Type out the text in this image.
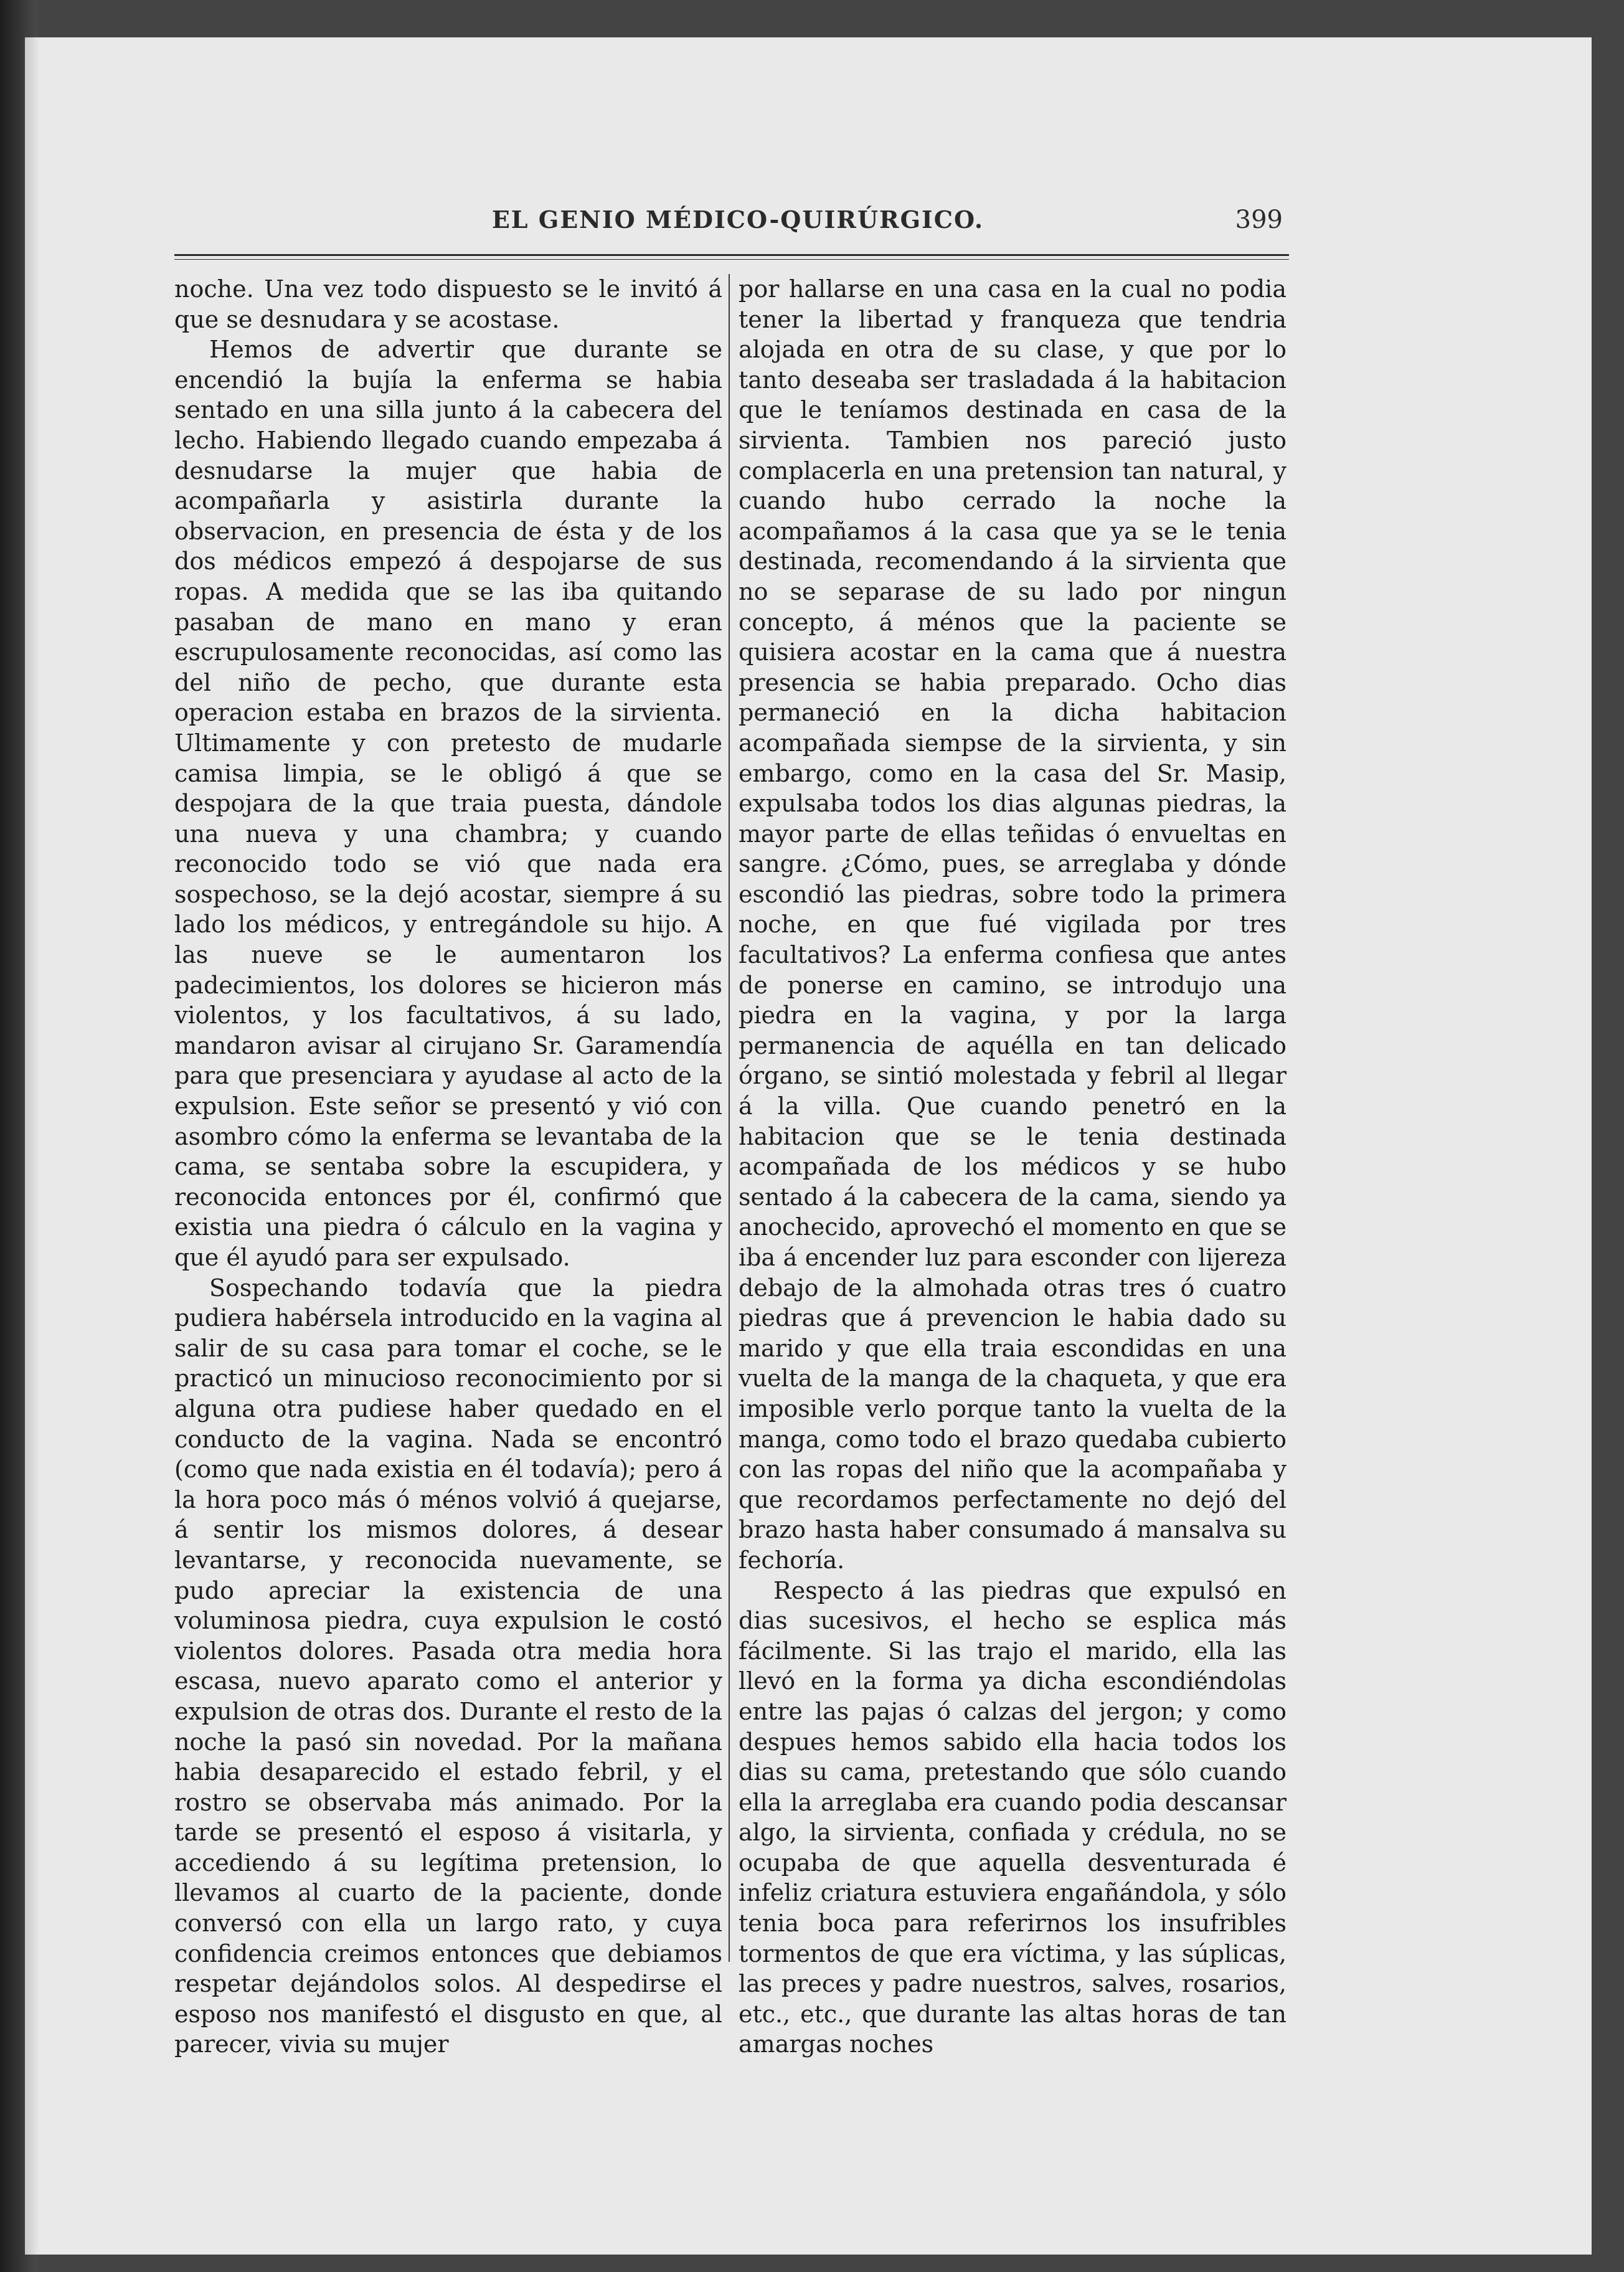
EL GENIO MÉDICO-QUIRÚRGICO.	399

noche. Una vez todo dispuesto se le invitó á que se desnudara y se acostase.

Hemos de advertir que durante se encendió la bujía la enferma se habia sentado en una silla junto á la cabecera del lecho. Habiendo llegado cuando empezaba á desnudarse la mujer que habia de acompañarla y asistirla durante la observacion, en presencia de ésta y de los dos médicos empezó á despojarse de sus ropas. A medida que se las iba quitando pasaban de mano en mano y eran escrupulosamente reconocidas, así como las del niño de pecho, que durante esta operacion estaba en brazos de la sirvienta. Ultimamente y con pretesto de mudarle camisa limpia, se le obligó á que se despojara de la que traia puesta, dándole una nueva y una chambra; y cuando reconocido todo se vió que nada era sospechoso, se la dejó acostar, siempre á su lado los médicos, y entregándole su hijo. A las nueve se le aumentaron los padecimientos, los dolores se hicieron más violentos, y los facultativos, á su lado, mandaron avisar al cirujano Sr. Garamendía para que presenciara y ayudase al acto de la expulsion. Este señor se presentó y vió con asombro cómo la enferma se levantaba de la cama, se sentaba sobre la escupidera, y reconocida entonces por él, confirmó que existia una piedra ó cálculo en la vagina y que él ayudó para ser expulsado.

Sospechando todavía que la piedra pudiera habérsela introducido en la vagina al salir de su casa para tomar el coche, se le practicó un minucioso reconocimiento por si alguna otra pudiese haber quedado en el conducto de la vagina. Nada se encontró (como que nada existia en él todavía); pero á la hora poco más ó ménos volvió á quejarse, á sentir los mismos dolores, á desear levantarse, y reconocida nuevamente, se pudo apreciar la existencia de una voluminosa piedra, cuya expulsion le costó violentos dolores. Pasada otra media hora escasa, nuevo aparato como el anterior y expulsion de otras dos. Durante el resto de la noche la pasó sin novedad. Por la mañana habia desaparecido el estado febril, y el rostro se observaba más animado. Por la tarde se presentó el esposo á visitarla, y accediendo á su legítima pretension, lo llevamos al cuarto de la paciente, donde conversó con ella un largo rato, y cuya confidencia creimos entonces que debiamos respetar dejándolos solos. Al despedirse el esposo nos manifestó el disgusto en que, al parecer, vivia su mujer

por hallarse en una casa en la cual no podia tener la libertad y franqueza que tendria alojada en otra de su clase, y que por lo tanto deseaba ser trasladada á la habitacion que le teníamos destinada en casa de la sirvienta. Tambien nos pareció justo complacerla en una pretension tan natural, y cuando hubo cerrado la noche la acompañamos á la casa que ya se le tenia destinada, recomendando á la sirvienta que no se separase de su lado por ningun concepto, á ménos que la paciente se quisiera acostar en la cama que á nuestra presencia se habia preparado. Ocho dias permaneció en la dicha habitacion acompañada siempse de la sirvienta, y sin embargo, como en la casa del Sr. Masip, expulsaba todos los dias algunas piedras, la mayor parte de ellas teñidas ó envueltas en sangre. ¿Cómo, pues, se arreglaba y dónde escondió las piedras, sobre todo la primera noche, en que fué vigilada por tres facultativos? La enferma confiesa que antes de ponerse en camino, se introdujo una piedra en la vagina, y por la larga permanencia de aquélla en tan delicado órgano, se sintió molestada y febril al llegar á la villa. Que cuando penetró en la habitacion que se le tenia destinada acompañada de los médicos y se hubo sentado á la cabecera de la cama, siendo ya anochecido, aprovechó el momento en que se iba á encender luz para esconder con lijereza debajo de la almohada otras tres ó cuatro piedras que á prevencion le habia dado su marido y que ella traia escondidas en una vuelta de la manga de la chaqueta, y que era imposible verlo porque tanto la vuelta de la manga, como todo el brazo quedaba cubierto con las ropas del niño que la acompañaba y que recordamos perfectamente no dejó del brazo hasta haber consumado á mansalva su fechoría.

Respecto á las piedras que expulsó en dias sucesivos, el hecho se esplica más fácilmente. Si las trajo el marido, ella las llevó en la forma ya dicha escondiéndolas entre las pajas ó calzas del jergon; y como despues hemos sabido ella hacia todos los dias su cama, pretestando que sólo cuando ella la arreglaba era cuando podia descansar algo, la sirvienta, confiada y crédula, no se ocupaba de que aquella desventurada é infeliz criatura estuviera engañándola, y sólo tenia boca para referirnos los insufribles tormentos de que era víctima, y las súplicas, las preces y padre nuestros, salves, rosarios, etc., etc., que durante las altas horas de tan amargas noches
